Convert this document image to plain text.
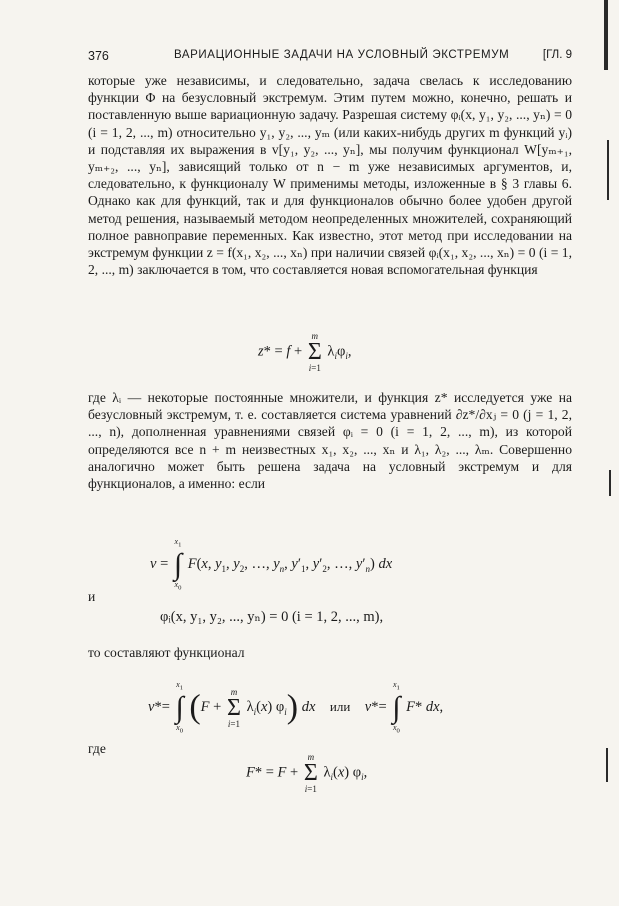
376	ВАРИАЦИОННЫЕ ЗАДАЧИ НА УСЛОВНЫЙ ЭКСТРЕМУМ	[ГЛ. 9

которые уже независимы, и следовательно, задача свелась к исследованию функции Φ на безусловный экстремум. Этим путем можно, конечно, решать и поставленную выше вариационную задачу. Разрешая систему φᵢ(x, y₁, y₂, ..., yₙ) = 0 (i = 1, 2, ..., m) относительно y₁, y₂, ..., yₘ (или каких-нибудь других m функций yᵢ) и подставляя их выражения в v[y₁, y₂, ..., yₙ], мы получим функционал W[yₘ₊₁, yₘ₊₂, ..., yₙ], зависящий только от n − m уже независимых аргументов, и, следовательно, к функционалу W применимы методы, изложенные в § 3 главы 6. Однако как для функций, так и для функционалов обычно более удобен другой метод решения, называемый методом неопределенных множителей, сохраняющий полное равноправие переменных. Как известно, этот метод при исследовании на экстремум функции z = f(x₁, x₂, ..., xₙ) при наличии связей φᵢ(x₁, x₂, ..., xₙ) = 0 (i = 1, 2, ..., m) заключается в том, что составляется новая вспомогательная функция

z* = f +
m
Σ
i=1
$\lambda_i\varphi_i$,

где λᵢ — некоторые постоянные множители, и функция z* исследуется уже на безусловный экстремум, т. е. составляется система уравнений ∂z*/∂xⱼ = 0 (j = 1, 2, ..., n), дополненная уравнениями связей φᵢ = 0 (i = 1, 2, ..., m), из которой определяются все n + m неизвестных x₁, x₂, ..., xₙ и λ₁, λ₂, ..., λₘ. Совершенно аналогично может быть решена задача на условный экстремум и для функционалов, а именно: если

v =
$x_1$
∫
$x_0$
F(x, $y_1$, $y_2$, …, $y_n$, $y'_1$, $y'_2$, …, $y'_n$) dx

и

φᵢ(x, y₁, y₂, ..., yₙ) = 0 (i = 1, 2, ..., m),

то составляют функционал

v*=
$x_1$
∫
$x_0$
(F +
m
Σ
i=1
$\lambda_i(x)$ $\varphi_i$) dx или v*=
$x_1$
∫
$x_0$
F* dx,

где

F* = F +
m
Σ
i=1
$\lambda_i(x)$ $\varphi_i$,
